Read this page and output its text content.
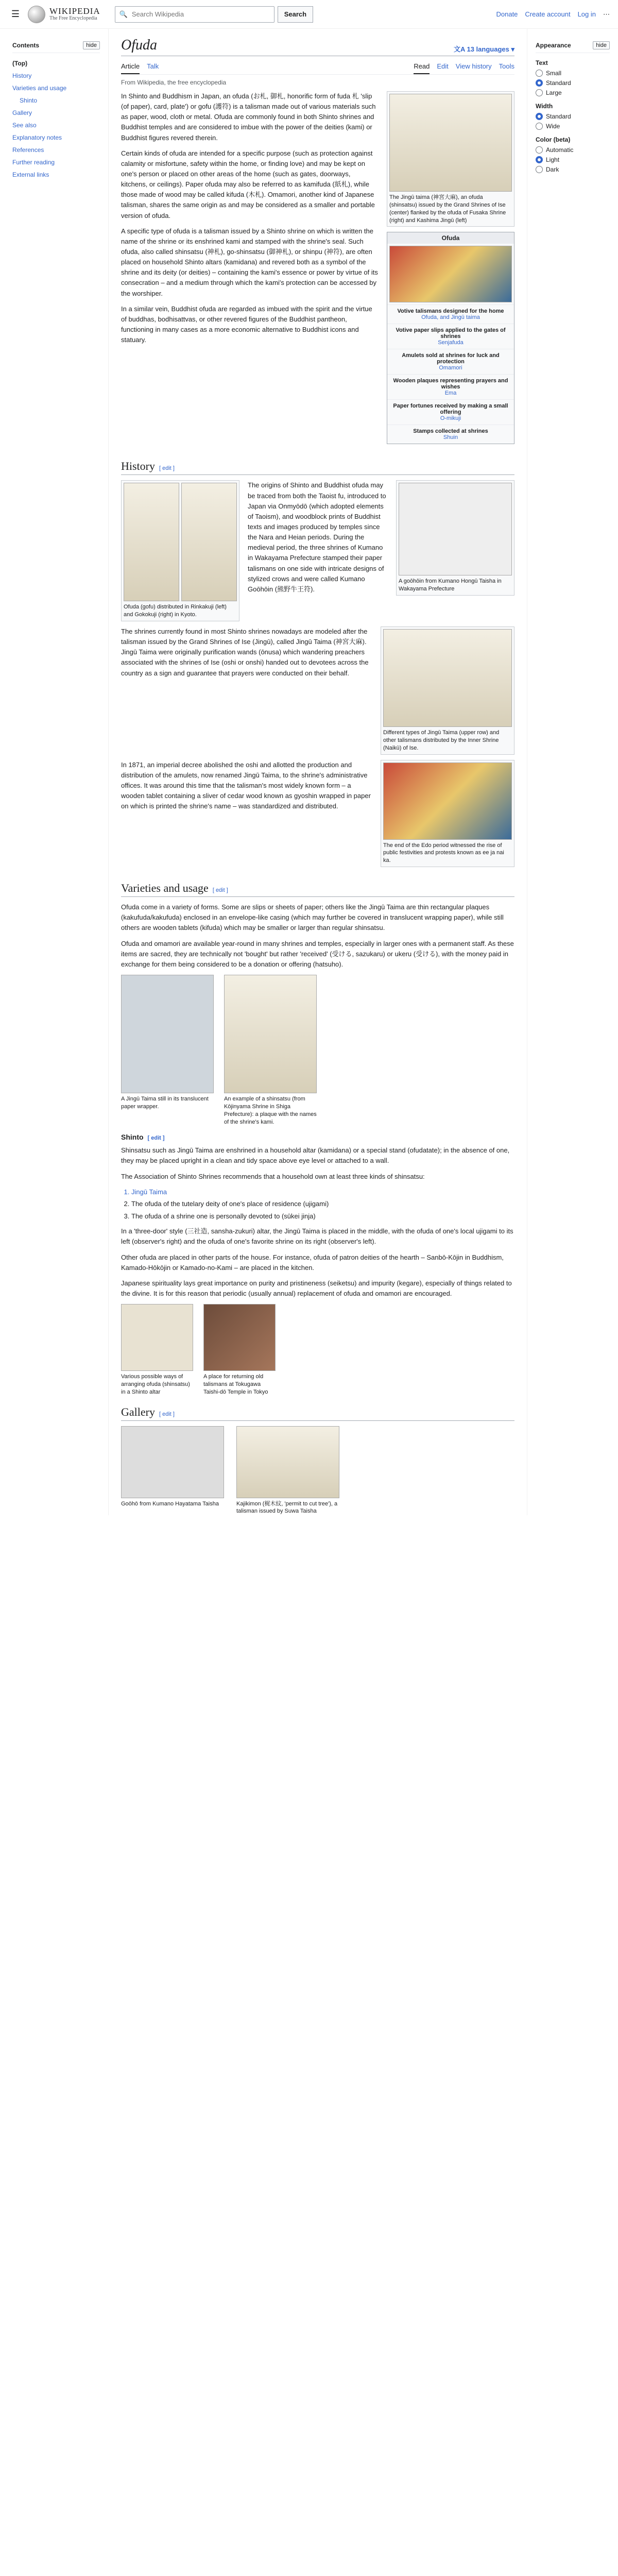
☰	WIKIPEDIA
The Free Encyclopedia
🔍
Search Wikipedia	Search	Donate Create account Log in ⋯
Contents	hide
(Top)
History
Varieties and usage
Shinto
Gallery
See also
Explanatory notes
References
Further reading
External links
Ofuda	文A 13 languages ▾
Article Talk	Read Edit View history Tools
From Wikipedia, the free encyclopedia
The Jingū taima (神宮大麻), an ofuda (shinsatsu) issued by the Grand Shrines of Ise (center) flanked by the ofuda of Fusaka Shrine (right) and Kashima Jingū (left)
Ofuda
Votive talismans designed for the home
Ofuda, and Jingū taima
Votive paper slips applied to the gates of shrines
Senjafuda
Amulets sold at shrines for luck and protection
Omamori
Wooden plaques representing prayers and wishes
Ema
Paper fortunes received by making a small offering
O-mikuji
Stamps collected at shrines
Shuin

In Shinto and Buddhism in Japan, an ofuda (お札, 御札, honorific form of fuda 札 'slip (of paper), card, plate') or gofu (護符) is a talisman made out of various materials such as paper, wood, cloth or metal. Ofuda are commonly found in both Shinto shrines and Buddhist temples and are considered to imbue with the power of the deities (kami) or Buddhist figures revered therein.

Certain kinds of ofuda are intended for a specific purpose (such as protection against calamity or misfortune, safety within the home, or finding love) and may be kept on one's person or placed on other areas of the home (such as gates, doorways, kitchens, or ceilings). Paper ofuda may also be referred to as kamifuda (紙札), while those made of wood may be called kifuda (木札). Omamori, another kind of Japanese talisman, shares the same origin as and may be considered as a smaller and portable version of ofuda.

A specific type of ofuda is a talisman issued by a Shinto shrine on which is written the name of the shrine or its enshrined kami and stamped with the shrine's seal. Such ofuda, also called shinsatsu (神札), go-shinsatsu (御神札), or shinpu (神符), are often placed on household Shinto altars (kamidana) and revered both as a symbol of the shrine and its deity (or deities) – containing the kami's essence or power by virtue of its consecration – and a medium through which the kami's protection can be accessed by the worshiper.

In a similar vein, Buddhist ofuda are regarded as imbued with the spirit and the virtue of buddhas, bodhisattvas, or other revered figures of the Buddhist pantheon, functioning in many cases as a more economic alternative to Buddhist icons and statuary.

History [ edit ]
Ofuda (gofu) distributed in Rinkakuji (left) and Gokokuji (right) in Kyoto.
A goōhōin from Kumano Hongū Taisha in Wakayama Prefecture

The origins of Shinto and Buddhist ofuda may be traced from both the Taoist fu, introduced to Japan via Onmyōdō (which adopted elements of Taoism), and woodblock prints of Buddhist texts and images produced by temples since the Nara and Heian periods. During the medieval period, the three shrines of Kumano in Wakayama Prefecture stamped their paper talismans on one side with intricate designs of stylized crows and were called Kumano Goōhōin (熊野牛王符).

Different types of Jingū Taima (upper row) and other talismans distributed by the Inner Shrine (Naikū) of Ise.

The shrines currently found in most Shinto shrines nowadays are modeled after the talisman issued by the Grand Shrines of Ise (Jingū), called Jingū Taima (神宮大麻). Jingū Taima were originally purification wands (ōnusa) which wandering preachers associated with the shrines of Ise (oshi or onshi) handed out to devotees across the country as a sign and guarantee that prayers were conducted on their behalf.

The end of the Edo period witnessed the rise of public festivities and protests known as ee ja nai ka.

In 1871, an imperial decree abolished the oshi and allotted the production and distribution of the amulets, now renamed Jingū Taima, to the shrine's administrative offices. It was around this time that the talisman's most widely known form – a wooden tablet containing a sliver of cedar wood known as gyoshin wrapped in paper on which is printed the shrine's name – was standardized and distributed.

Varieties and usage [ edit ]

Ofuda come in a variety of forms. Some are slips or sheets of paper; others like the Jingū Taima are thin rectangular plaques (kakufuda/kakufuda) enclosed in an envelope-like casing (which may further be covered in translucent wrapping paper), while still others are wooden tablets (kifuda) which may be smaller or larger than regular shinsatsu.

Ofuda and omamori are available year-round in many shrines and temples, especially in larger ones with a permanent staff. As these items are sacred, they are technically not 'bought' but rather 'received' (受ける, sazukaru) or ukeru (受ける), with the money paid in exchange for them being considered to be a donation or offering (hatsuho).

A Jingū Taima still in its translucent paper wrapper.
An example of a shinsatsu (from Kōjinyama Shrine in Shiga Prefecture): a plaque with the names of the shrine's kami.
Shinto [ edit ]

Shinsatsu such as Jingū Taima are enshrined in a household altar (kamidana) or a special stand (ofudatate); in the absence of one, they may be placed upright in a clean and tidy space above eye level or attached to a wall.

The Association of Shinto Shrines recommends that a household own at least three kinds of shinsatsu:

1. Jingū Taima
2. The ofuda of the tutelary deity of one's place of residence (ujigami)
3. The ofuda of a shrine one is personally devoted to (sūkei jinja)

In a 'three-door' style (三社造, sansha-zukuri) altar, the Jingū Taima is placed in the middle, with the ofuda of one's local ujigami to its left (observer's right) and the ofuda of one's favorite shrine on its right (observer's left).

Other ofuda are placed in other parts of the house. For instance, ofuda of patron deities of the hearth – Sanbō-Kōjin in Buddhism, Kamado-Hōkōjin or Kamado-no-Kami – are placed in the kitchen.

Japanese spirituality lays great importance on purity and pristineness (seiketsu) and impurity (kegare), especially of things related to the divine. It is for this reason that periodic (usually annual) replacement of ofuda and omamori are encouraged.

Various possible ways of arranging ofuda (shinsatsu) in a Shinto altar
A place for returning old talismans at Tokugawa Taishi-dō Temple in Tokyo
Gallery [ edit ]
Goōhō from Kumano Hayatama Taisha	Kajikimon (梶木紋, 'permit to cut tree'), a talisman issued by Suwa Taisha
Appearance	hide
Text
Small
Standard
Large
Width
Standard
Wide
Color (beta)
Automatic
Light
Dark
